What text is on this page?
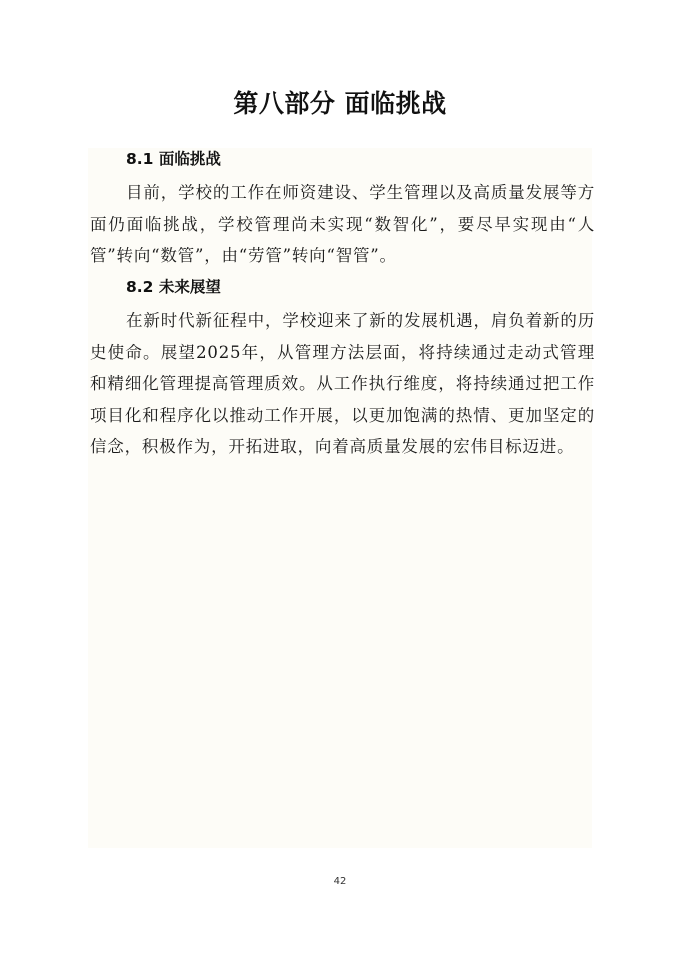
第八部分 面临挑战
8.1 面临挑战

目前，学校的工作在师资建设、学生管理以及高质量发展等方面仍面临挑战，学校管理尚未实现“数智化”，要尽早实现由“人管”转向“数管”，由“劳管”转向“智管”。

8.2 未来展望

在新时代新征程中，学校迎来了新的发展机遇，肩负着新的历史使命。展望2025年，从管理方法层面，将持续通过走动式管理和精细化管理提高管理质效。从工作执行维度，将持续通过把工作项目化和程序化以推动工作开展，以更加饱满的热情、更加坚定的信念，积极作为，开拓进取，向着高质量发展的宏伟目标迈进。

42
